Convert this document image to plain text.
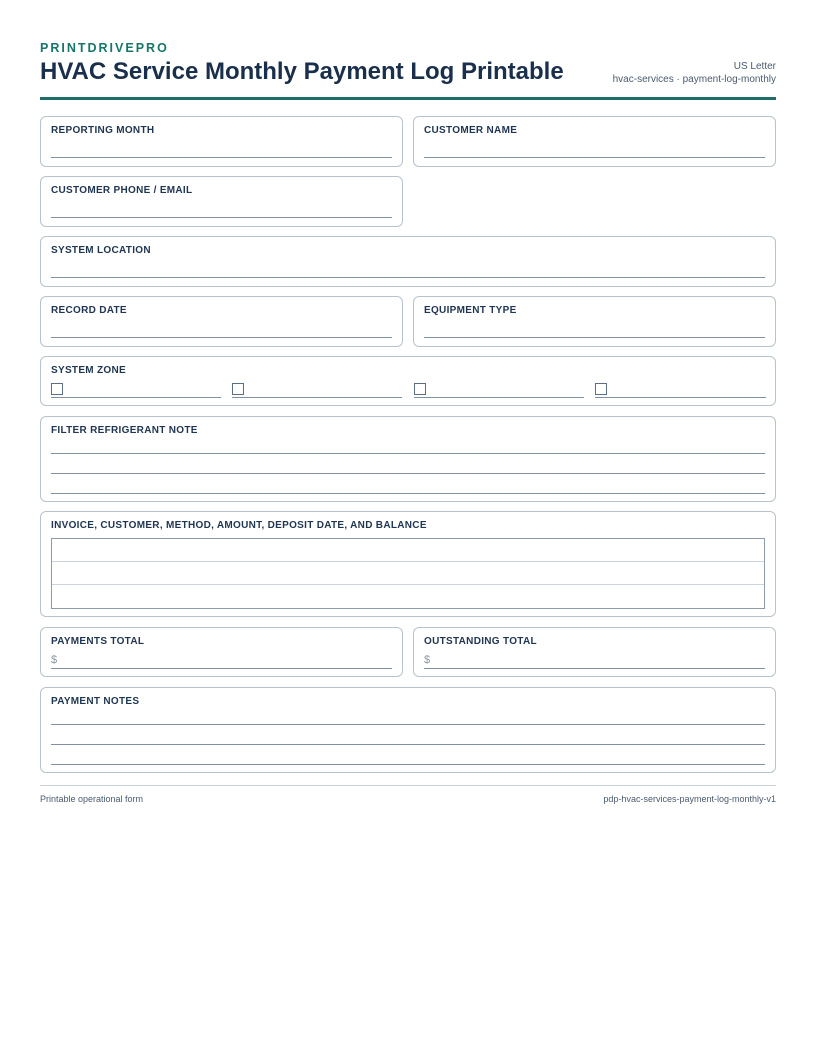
PRINTDRIVEPRO
HVAC Service Monthly Payment Log Printable	US Letter
hvac-services · payment-log-monthly
REPORTING MONTH	CUSTOMER NAME
CUSTOMER PHONE / EMAIL
SYSTEM LOCATION
RECORD DATE	EQUIPMENT TYPE
SYSTEM ZONE
FILTER REFRIGERANT NOTE
INVOICE, CUSTOMER, METHOD, AMOUNT, DEPOSIT DATE, AND BALANCE
PAYMENTS TOTAL
$
OUTSTANDING TOTAL
$
PAYMENT NOTES
Printable operational form	pdp-hvac-services-payment-log-monthly-v1
